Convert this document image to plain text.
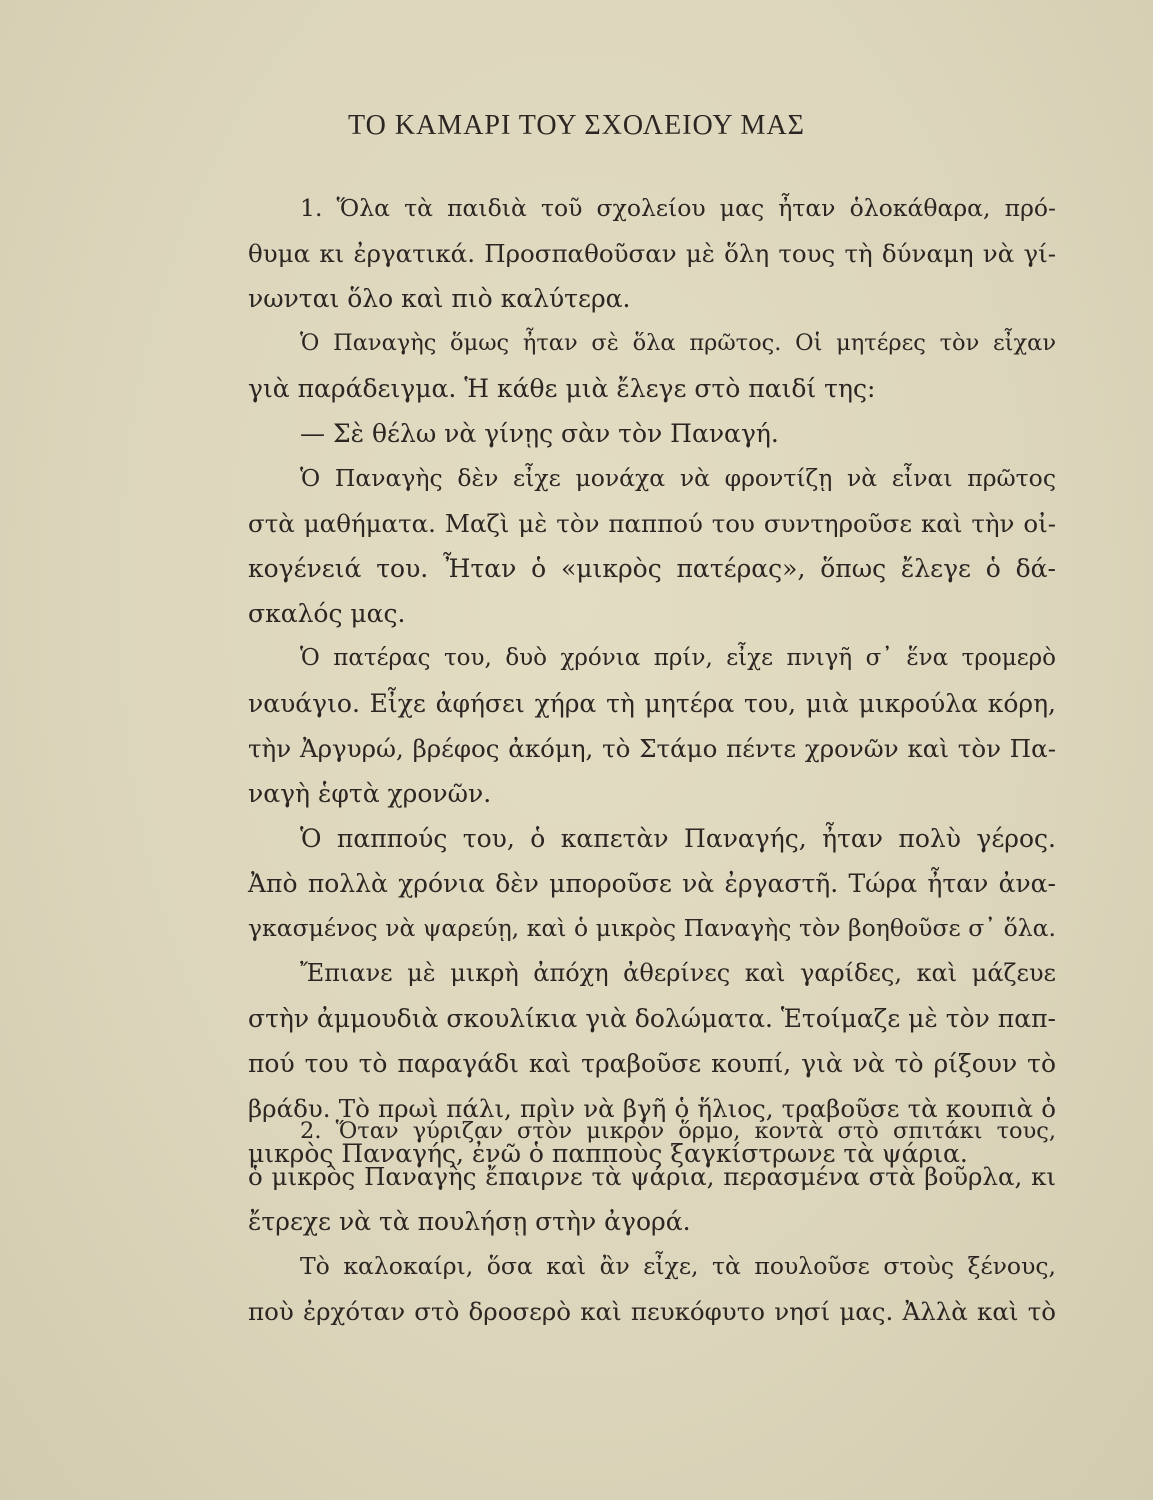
ΤΟ ΚΑΜΑΡΙ ΤΟΥ ΣΧΟΛΕΙΟΥ ΜΑΣ
1. Ὅλα τὰ παιδιὰ τοῦ σχολείου μας ἦταν ὁλοκάθαρα, πρό-
θυμα κι ἐργατικά. Προσπαθοῦσαν μὲ ὅλη τους τὴ δύναμη νὰ γί-
νωνται ὅλο καὶ πιὸ καλύτερα.
Ὁ Παναγὴς ὅμως ἦταν σὲ ὅλα πρῶτος. Οἱ μητέρες τὸν εἶχαν
γιὰ παράδειγμα. Ἡ κάθε μιὰ ἔλεγε στὸ παιδί της:
— Σὲ θέλω νὰ γίνῃς σὰν τὸν Παναγή.
Ὁ Παναγὴς δὲν εἶχε μονάχα νὰ φροντίζῃ νὰ εἶναι πρῶτος
στὰ μαθήματα. Μαζὶ μὲ τὸν παππού του συντηροῦσε καὶ τὴν οἰ-
κογένειά του. Ἦταν ὁ «μικρὸς πατέρας», ὅπως ἔλεγε ὁ δά-
σκαλός μας.
Ὁ πατέρας του, δυὸ χρόνια πρίν, εἶχε πνιγῆ σ᾽ ἕνα τρομερὸ
ναυάγιο. Εἶχε ἀφήσει χήρα τὴ μητέρα του, μιὰ μικρούλα κόρη,
τὴν Ἀργυρώ, βρέφος ἀκόμη, τὸ Στάμο πέντε χρονῶν καὶ τὸν Πα-
ναγὴ ἑφτὰ χρονῶν.
Ὁ παππούς του, ὁ καπετὰν Παναγής, ἦταν πολὺ γέρος.
Ἀπὸ πολλὰ χρόνια δὲν μποροῦσε νὰ ἐργαστῆ. Τώρα ἦταν ἀνα-
γκασμένος νὰ ψαρεύῃ, καὶ ὁ μικρὸς Παναγὴς τὸν βοηθοῦσε σ᾽ ὅλα.
Ἔπιανε μὲ μικρὴ ἀπόχη ἀθερίνες καὶ γαρίδες, καὶ μάζευε
στὴν ἀμμουδιὰ σκουλίκια γιὰ δολώματα. Ἑτοίμαζε μὲ τὸν παπ-
πού του τὸ παραγάδι καὶ τραβοῦσε κουπί, γιὰ νὰ τὸ ρίξουν τὸ
βράδυ. Τὸ πρωὶ πάλι, πρὶν νὰ βγῆ ὁ ἥλιος, τραβοῦσε τὰ κουπιὰ ὁ
μικρὸς Παναγής, ἐνῶ ὁ παπποὺς ξαγκίστρωνε τὰ ψάρια.
2. Ὅταν γύριζαν στὸν μικρὸν ὅρμο, κοντὰ στὸ σπιτάκι τους,
ὁ μικρὸς Παναγὴς ἔπαιρνε τὰ ψάρια, περασμένα στὰ βοῦρλα, κι
ἔτρεχε νὰ τὰ πουλήσῃ στὴν ἀγορά.
Τὸ καλοκαίρι, ὅσα καὶ ἂν εἶχε, τὰ πουλοῦσε στοὺς ξένους,
ποὺ ἐρχόταν στὸ δροσερὸ καὶ πευκόφυτο νησί μας. Ἀλλὰ καὶ τὸ
